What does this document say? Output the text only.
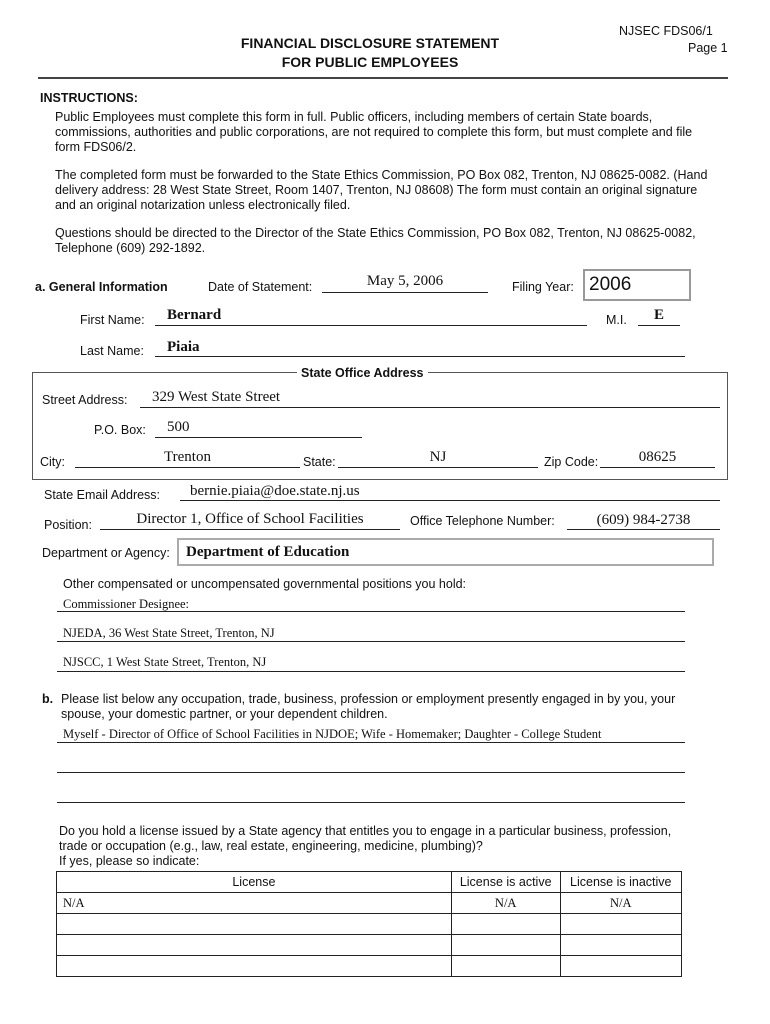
NJSEC FDS06/1
Page 1
FINANCIAL DISCLOSURE STATEMENT
FOR PUBLIC EMPLOYEES
INSTRUCTIONS:

Public Employees must complete this form in full. Public officers, including members of certain State boards, commissions, authorities and public corporations, are not required to complete this form, but must complete and file form FDS06/2.

The completed form must be forwarded to the State Ethics Commission, PO Box 082, Trenton, NJ 08625-0082. (Hand delivery address: 28 West State Street, Room 1407, Trenton, NJ 08608) The form must contain an original signature and an original notarization unless electronically filed.

Questions should be directed to the Director of the State Ethics Commission, PO Box 082, Trenton, NJ 08625-0082, Telephone (609) 292-1892.

a. General Information	Date of Statement:	May 5, 2006	Filing Year: 2006
First Name: Bernard	M.I.	E
Last Name: Piaia
State Office Address
Street Address: 329 West State Street
P.O. Box: 500
City:	Trenton	State:	NJ	Zip Code:	08625
State Email Address: bernie.piaia@doe.state.nj.us
Position:	Director 1, Office of School Facilities	Office Telephone Number:	(609) 984-2738
Department or Agency: Department of Education
Other compensated or uncompensated governmental positions you hold:
Commissioner Designee:
NJEDA, 36 West State Street, Trenton, NJ
NJSCC, 1 West State Street, Trenton, NJ
b. Please list below any occupation, trade, business, profession or employment presently engaged in by you, your spouse, your domestic partner, or your dependent children.
Myself - Director of Office of School Facilities in NJDOE; Wife - Homemaker; Daughter - College Student
Do you hold a license issued by a State agency that entitles you to engage in a particular business, profession, trade or occupation (e.g., law, real estate, engineering, medicine, plumbing)?
If yes, please so indicate:
License	License is active	License is inactive
N/A	N/A	N/A
